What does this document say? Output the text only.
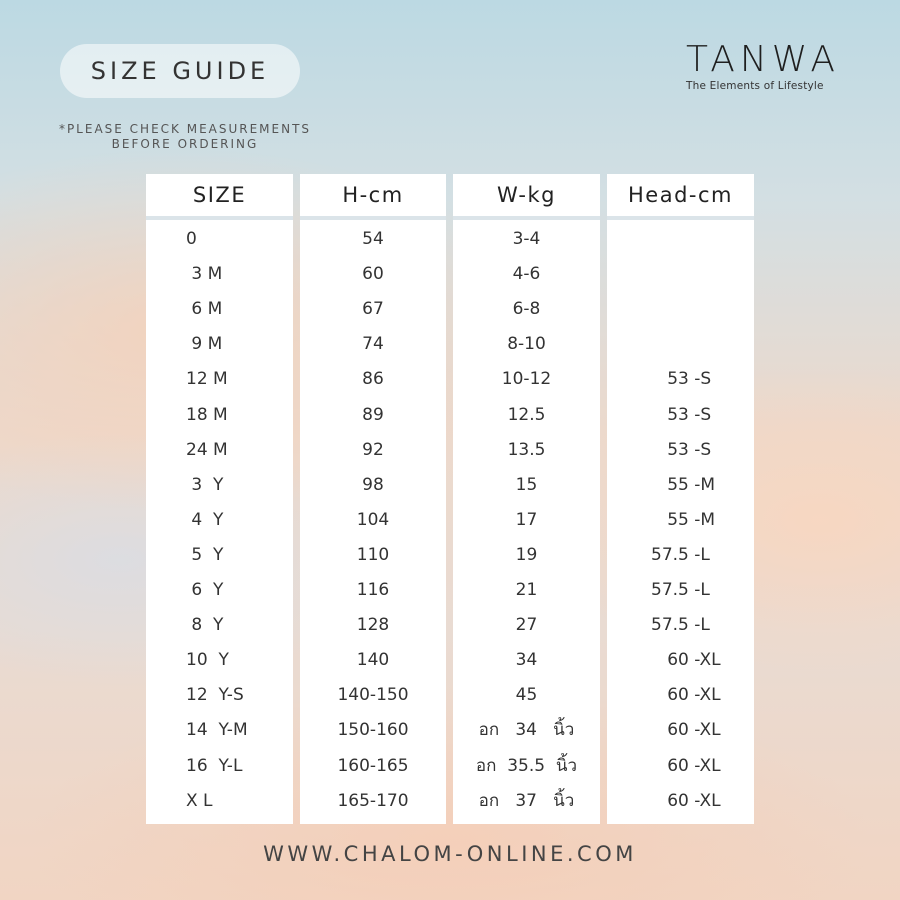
SIZE GUIDE
*PLEASE CHECK MEASUREMENTS
BEFORE ORDERING
TANWA
The Elements of Lifestyle
SIZE
0
3 M
6 M
9 M
12 M
18 M
24 M
3  Y
4  Y
5  Y
6  Y
8  Y
10  Y
12  Y-S
14  Y-M
16  Y-L
X L
H-cm
54
60
67
74
86
89
92
98
104
110
116
128
140
140-150
150-160
160-165
165-170
W-kg
3-4
4-6
6-8
8-10
10-12
12.5
13.5
15
17
19
21
27
34
45
อก   34   นิ้ว
อก  35.5  นิ้ว
อก   37   นิ้ว
Head-cm
53 -S
53 -S
53 -S
55 -M
55 -M
57.5 -L
57.5 -L
57.5 -L
60 -XL
60 -XL
60 -XL
60 -XL
60 -XL
WWW.CHALOM-ONLINE.COM
